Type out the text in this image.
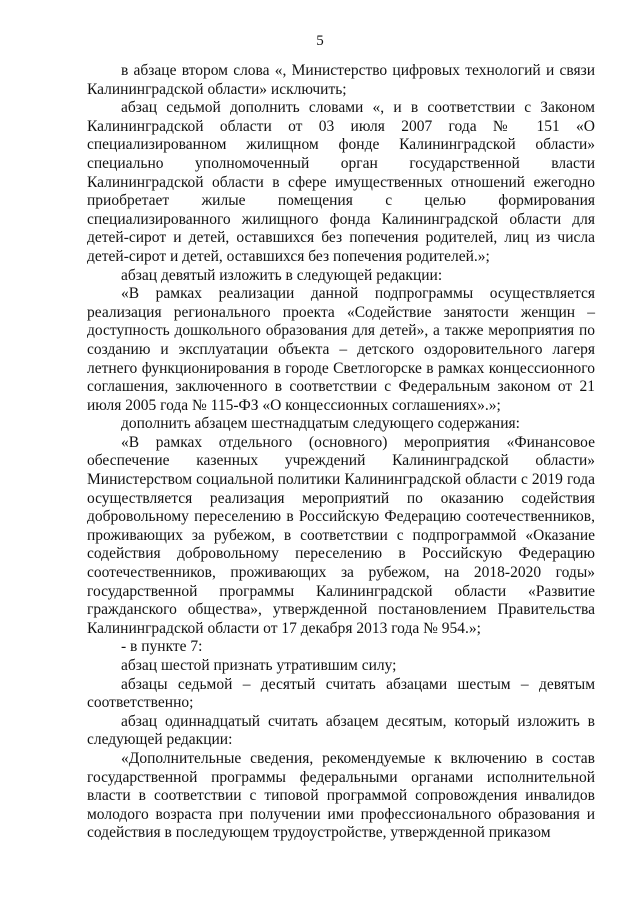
5

в абзаце втором слова «, Министерство цифровых технологий и связи Калининградской области» исключить;

абзац седьмой дополнить словами «, и в соответствии с Законом Калининградской области от 03 июля 2007 года № 151 «О специализированном жилищном фонде Калининградской области» специально уполномоченный орган государственной власти Калининградской области в сфере имущественных отношений ежегодно приобретает жилые помещения с целью формирования специализированного жилищного фонда Калининградской области для детей-сирот и детей, оставшихся без попечения родителей, лиц из числа детей-сирот и детей, оставшихся без попечения родителей.»;

абзац девятый изложить в следующей редакции:

«В рамках реализации данной подпрограммы осуществляется реализация регионального проекта «Содействие занятости женщин – доступность дошкольного образования для детей», а также мероприятия по созданию и эксплуатации объекта – детского оздоровительного лагеря летнего функционирования в городе Светлогорске в рамках концессионного соглашения, заключенного в соответствии с Федеральным законом от 21 июля 2005 года № 115-ФЗ «О концессионных соглашениях».»;

дополнить абзацем шестнадцатым следующего содержания:

«В рамках отдельного (основного) мероприятия «Финансовое обеспечение казенных учреждений Калининградской области» Министерством социальной политики Калининградской области с 2019 года осуществляется реализация мероприятий по оказанию содействия добровольному переселению в Российскую Федерацию соотечественников, проживающих за рубежом, в соответствии с подпрограммой «Оказание содействия добровольному переселению в Российскую Федерацию соотечественников, проживающих за рубежом, на 2018-2020 годы» государственной программы Калининградской области «Развитие гражданского общества», утвержденной постановлением Правительства Калининградской области от 17 декабря 2013 года № 954.»;

- в пункте 7:

абзац шестой признать утратившим силу;

абзацы седьмой – десятый считать абзацами шестым – девятым соответственно;

абзац одиннадцатый считать абзацем десятым, который изложить в следующей редакции:

«Дополнительные сведения, рекомендуемые к включению в состав государственной программы федеральными органами исполнительной власти в соответствии с типовой программой сопровождения инвалидов молодого возраста при получении ими профессионального образования и содействия в последующем трудоустройстве, утвержденной приказом
